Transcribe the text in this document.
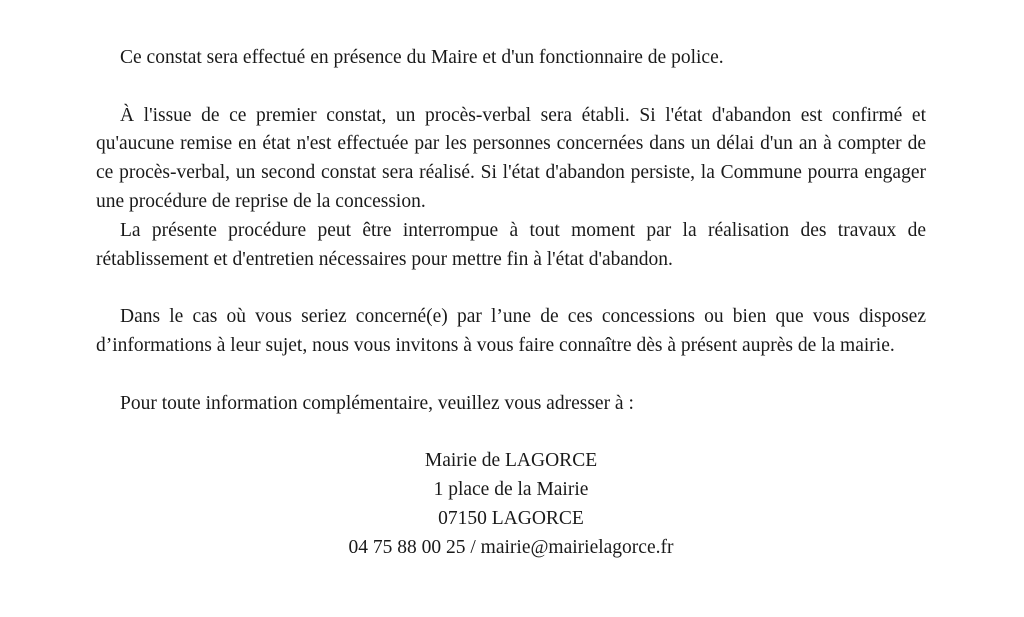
Ce constat sera effectué en présence du Maire et d'un fonctionnaire de police.

À l'issue de ce premier constat, un procès-verbal sera établi. Si l'état d'abandon est confirmé et qu'aucune remise en état n'est effectuée par les personnes concernées dans un délai d'un an à compter de ce procès-verbal, un second constat sera réalisé. Si l'état d'abandon persiste, la Commune pourra engager une procédure de reprise de la concession.

La présente procédure peut être interrompue à tout moment par la réalisation des travaux de rétablissement et d'entretien nécessaires pour mettre fin à l'état d'abandon.

Dans le cas où vous seriez concerné(e) par l’une de ces concessions ou bien que vous disposez d’informations à leur sujet, nous vous invitons à vous faire connaître dès à présent auprès de la mairie.

Pour toute information complémentaire, veuillez vous adresser à :

Mairie de LAGORCE
1 place de la Mairie
07150 LAGORCE
04 75 88 00 25 / mairie@mairielagorce.fr
